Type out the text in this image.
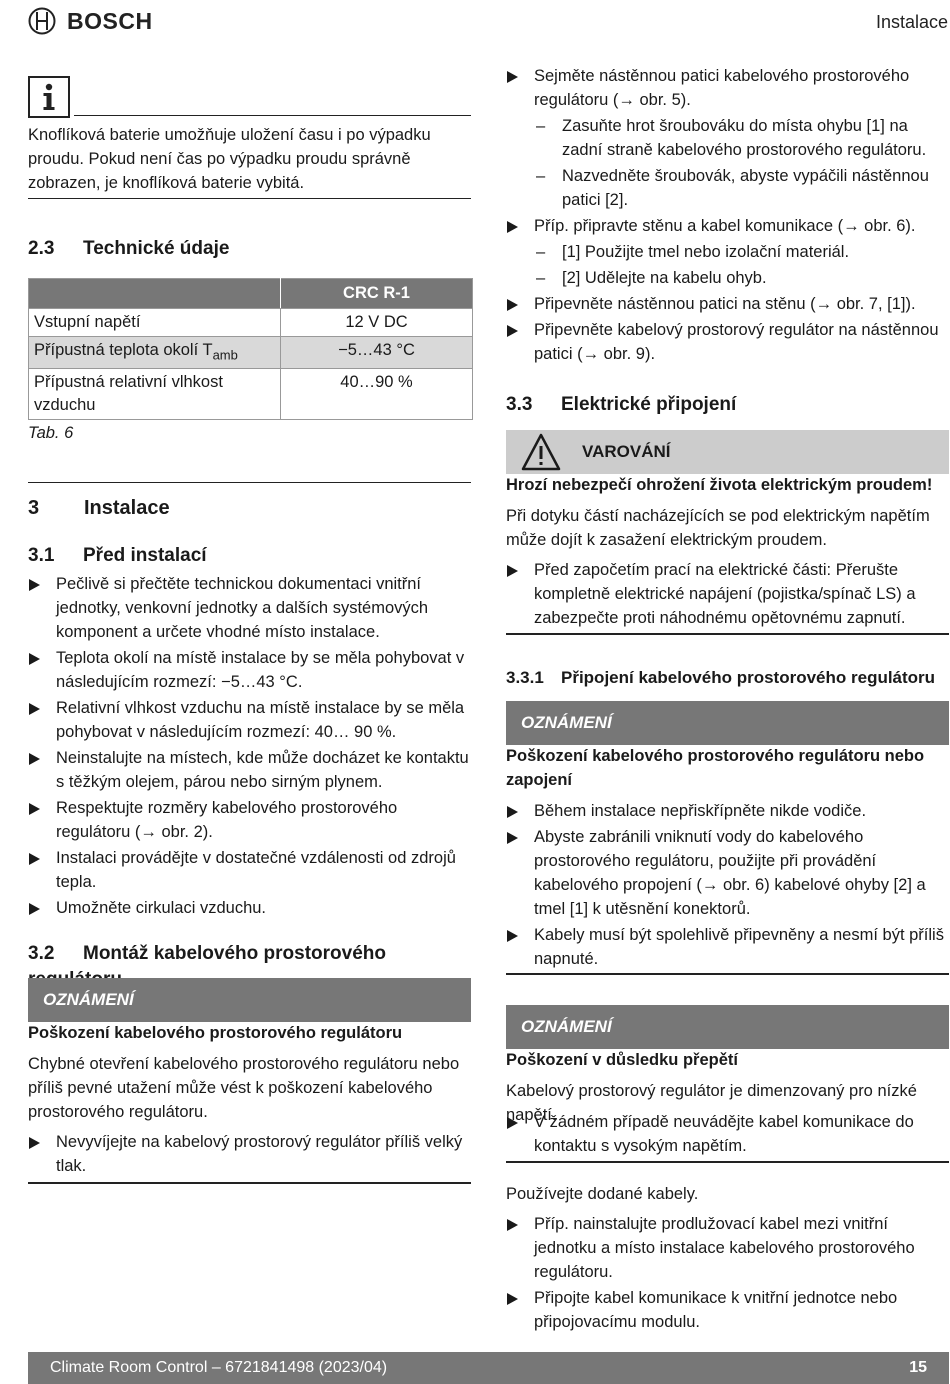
BOSCH	Instalace
Knoflíková baterie umožňuje uložení času i po výpadku proudu. Pokud není čas po výpadku proudu správně zobrazen, je knoflíková baterie vybitá.
2.3 Technické údaje
	CRC R-1
Vstupní napětí	12 V DC
Přípustná teplota okolí $T_{amb}$	−5…43 °C
Přípustná relativní vlhkost vzduchu	40…90 %
Tab. 6
3 Instalace
3.1 Před instalací
Pečlivě si přečtěte technickou dokumentaci vnitřní jednotky, venkovní jednotky a dalších systémových komponent a určete vhodné místo instalace.
Teplota okolí na místě instalace by se měla pohybovat v následujícím rozmezí: −5…43 °C.
Relativní vlhkost vzduchu na místě instalace by se měla pohybovat v následujícím rozmezí: 40… 90 %.
Neinstalujte na místech, kde může docházet ke kontaktu s těžkým olejem, párou nebo sirným plynem.
Respektujte rozměry kabelového prostorového regulátoru (→ obr. 2).
Instalaci provádějte v dostatečné vzdálenosti od zdrojů tepla.
Umožněte cirkulaci vzduchu.
3.2 Montáž kabelového prostorového
OZNÁMENÍ
Poškození kabelového prostorového regulátoru
Chybné otevření kabelového prostorového regulátoru nebo příliš pevné utažení může vést k poškození kabelového prostorového regulátoru.
Nevyvíjejte na kabelový prostorový regulátor příliš velký tlak.
Sejměte nástěnnou patici kabelového prostorového regulátoru (→ obr. 5).
– Zasuňte hrot šroubováku do místa ohybu [1] na zadní straně kabelového prostorového regulátoru.
– Nazvedněte šroubovák, abyste vypáčili nástěnnou patici [2].
Příp. připravte stěnu a kabel komunikace (→ obr. 6).
– [1] Použijte tmel nebo izolační materiál.
– [2] Udělejte na kabelu ohyb.
Připevněte nástěnnou patici na stěnu (→ obr. 7, [1]).
Připevněte kabelový prostorový regulátor na nástěnnou patici (→ obr. 9).
3.3 Elektrické připojení
VAROVÁNÍ
Hrozí nebezpečí ohrožení života elektrickým proudem!
Při dotyku částí nacházejících se pod elektrickým napětím může dojít k zasažení elektrickým proudem.
Před započetím prací na elektrické části: Přerušte kompletně elektrické napájení (pojistka/spínač LS) a zabezpečte proti náhodnému opětovnému zapnutí.
3.3.1 Připojení kabelového prostorového regulátoru
OZNÁMENÍ
Poškození kabelového prostorového regulátoru nebo zapojení
Během instalace nepřiskřípněte nikde vodiče.
Abyste zabránili vniknutí vody do kabelového prostorového regulátoru, použijte při provádění kabelového propojení (→ obr. 6) kabelové ohyby [2] a tmel [1] k utěsnění konektorů.
Kabely musí být spolehlivě připevněny a nesmí být příliš napnuté.
OZNÁMENÍ
Poškození v důsledku přepětí
Kabelový prostorový regulátor je dimenzovaný pro nízké napětí.
V žádném případě neuvádějte kabel komunikace do kontaktu s vysokým napětím.
Používejte dodané kabely.
Příp. nainstalujte prodlužovací kabel mezi vnitřní jednotku a místo instalace kabelového prostorového regulátoru.
Připojte kabel komunikace k vnitřní jednotce nebo připojovacímu modulu.
Climate Room Control – 6721841498 (2023/04)	15
